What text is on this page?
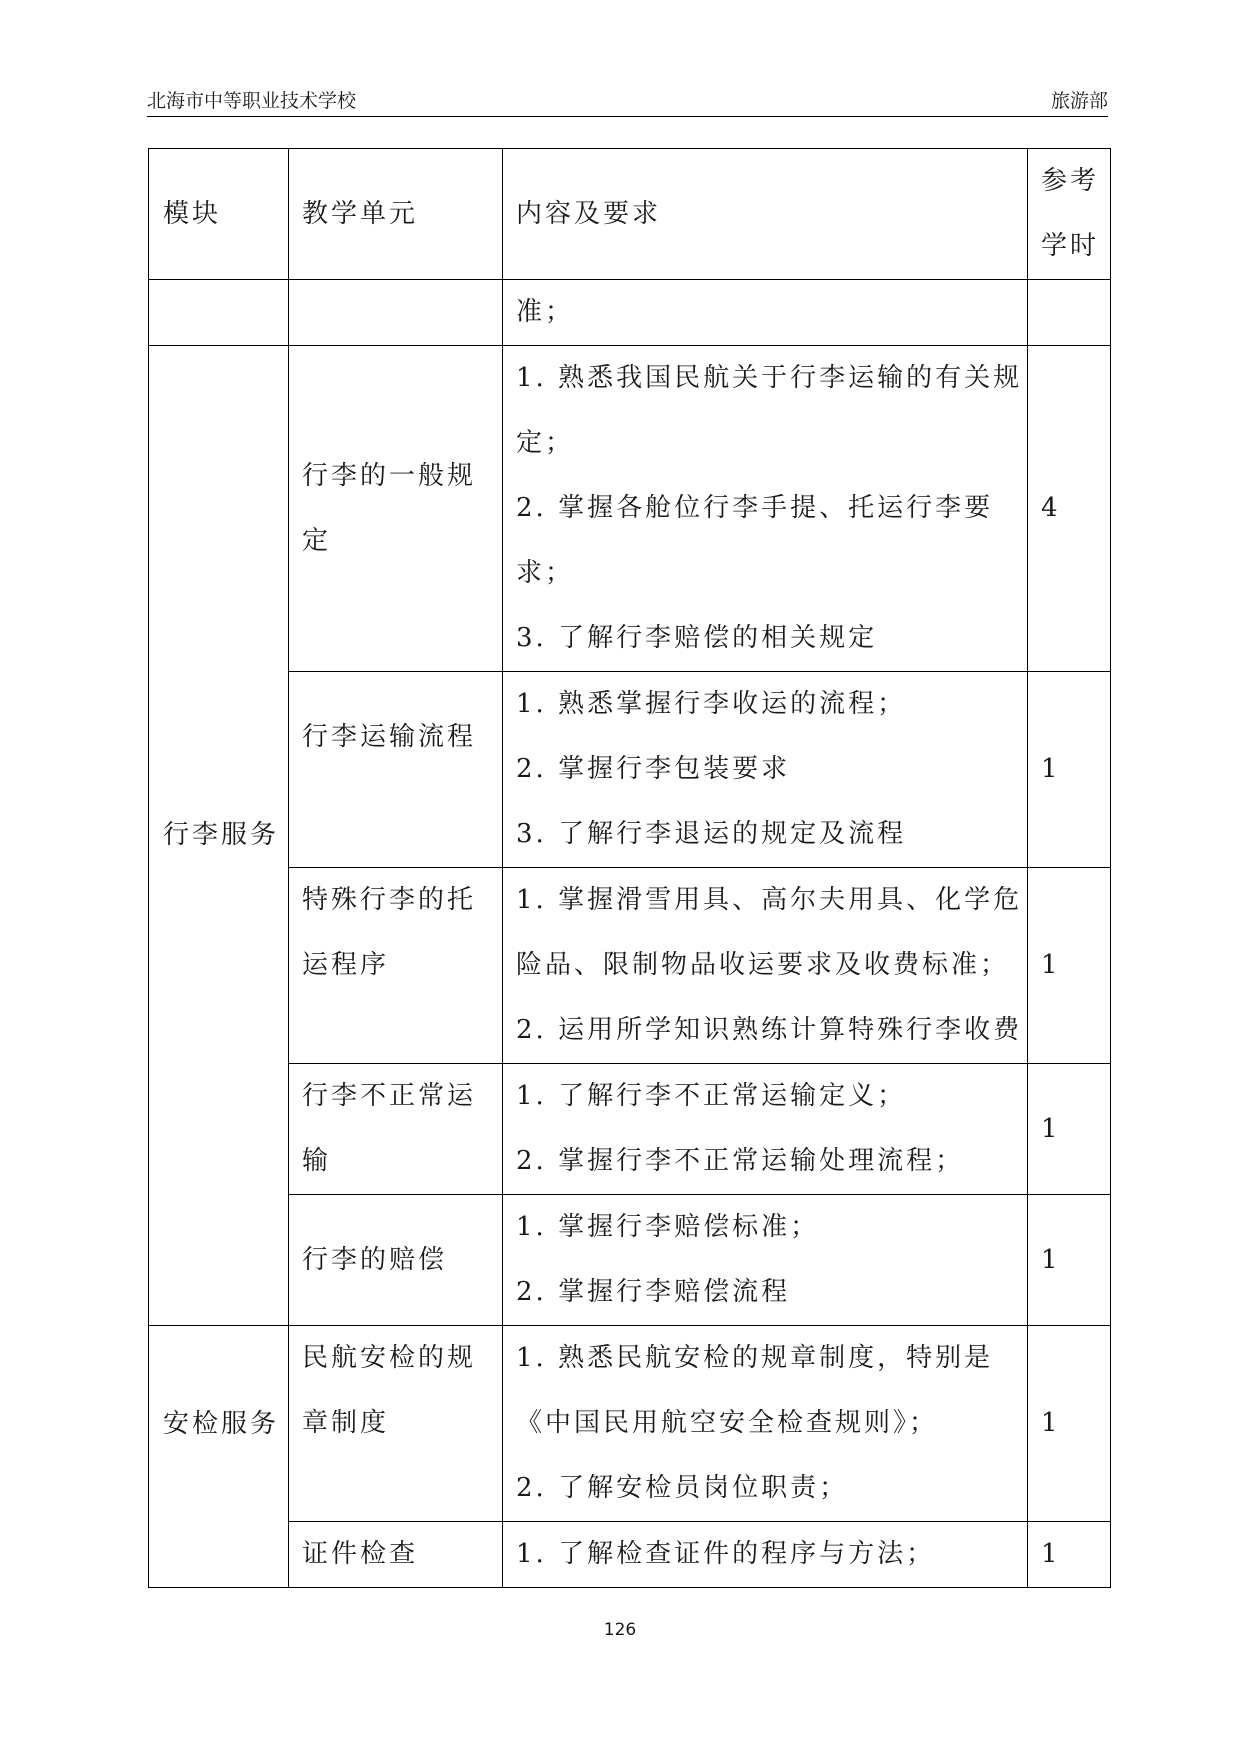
北海市中等职业技术学校	旅游部
模块	教学单元	内容及要求	参考
学时

		准；	
行李服务	行李的一般规
定	1. 熟悉我国民航关于行李运输的有关规
定；
2. 掌握各舱位行李手提、托运行李要
求；
3. 了解行李赔偿的相关规定	4

	行李运输流程	1. 熟悉掌握行李收运的流程；
2. 掌握行李包装要求
3. 了解行李退运的规定及流程	1

	特殊行李的托
运程序	1. 掌握滑雪用具、高尔夫用具、化学危
险品、限制物品收运要求及收费标准；
2. 运用所学知识熟练计算特殊行李收费	1

	行李不正常运
输	1. 了解行李不正常运输定义；
2. 掌握行李不正常运输处理流程；	1

	行李的赔偿	1. 掌握行李赔偿标准；
2. 掌握行李赔偿流程	1

安检服务	民航安检的规
章制度	1. 熟悉民航安检的规章制度，特别是
《中国民用航空安全检查规则》；
2. 了解安检员岗位职责；	1
	证件检查	1. 了解检查证件的程序与方法；	1
126
